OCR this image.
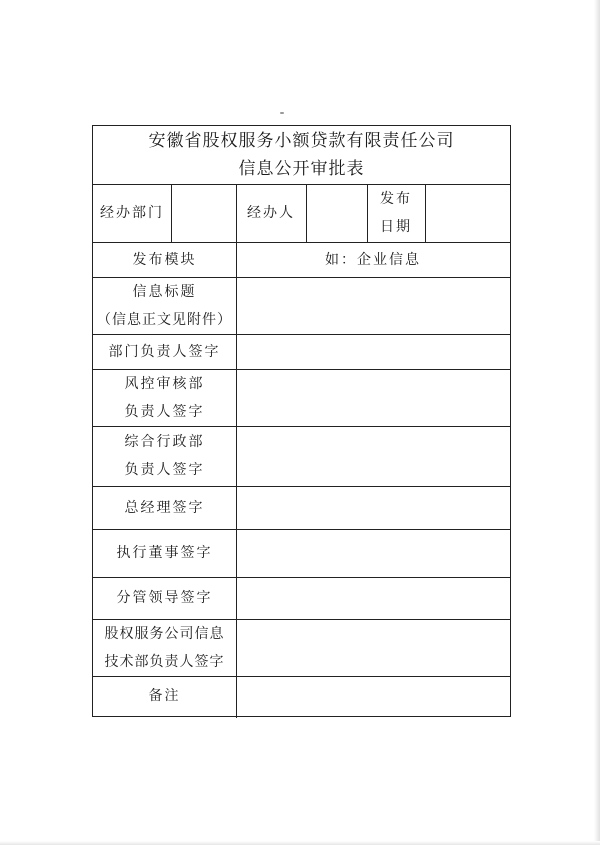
安徽省股权服务小额贷款有限责任公司
信息公开审批表
经办部门	经办人
发布
日期
发布模块	如：企业信息
信息标题
（信息正文见附件）
部门负责人签字
风控审核部
负责人签字
综合行政部
负责人签字
总经理签字
执行董事签字
分管领导签字
股权服务公司信息
技术部负责人签字
备注
